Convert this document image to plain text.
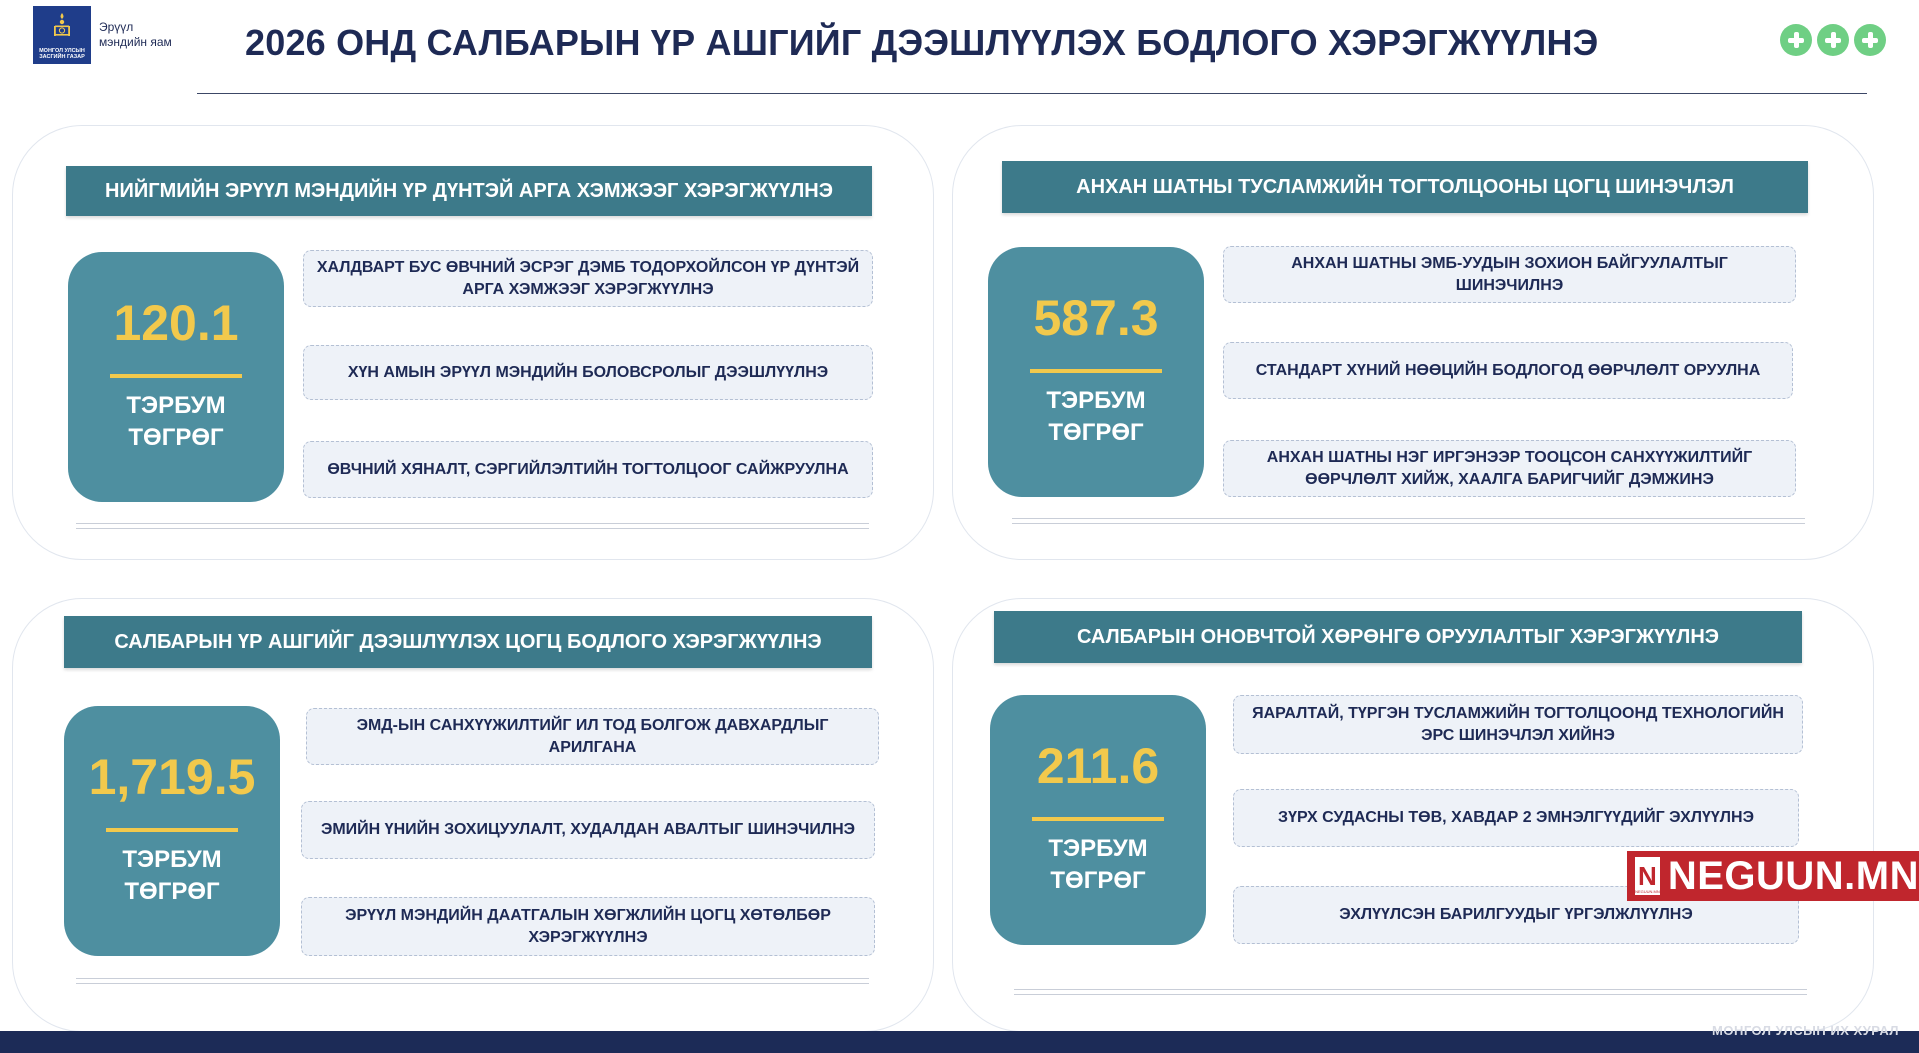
МОНГОЛ УЛСЫН ЗАСГИЙН ГАЗАР
Эрүүл
мэндийн яам 2026 ОНД САЛБАРЫН ҮР АШГИЙГ ДЭЭШЛҮҮЛЭХ БОДЛОГО ХЭРЭГЖҮҮЛНЭ
НИЙГМИЙН ЭРҮҮЛ МЭНДИЙН ҮР ДҮНТЭЙ АРГА ХЭМЖЭЭГ ХЭРЭГЖҮҮЛНЭ
120.1
ТЭРБУМ
ТӨГРӨГ
ХАЛДВАРТ БУС ӨВЧНИЙ ЭСРЭГ ДЭМБ ТОДОРХОЙЛСОН ҮР ДҮНТЭЙ АРГА ХЭМЖЭЭГ ХЭРЭГЖҮҮЛНЭ
ХҮН АМЫН ЭРҮҮЛ МЭНДИЙН БОЛОВСРОЛЫГ ДЭЭШЛҮҮЛНЭ
ӨВЧНИЙ ХЯНАЛТ, СЭРГИЙЛЭЛТИЙН ТОГТОЛЦООГ САЙЖРУУЛНА
АНХАН ШАТНЫ ТУСЛАМЖИЙН ТОГТОЛЦООНЫ ЦОГЦ ШИНЭЧЛЭЛ
587.3
ТЭРБУМ
ТӨГРӨГ
АНХАН ШАТНЫ ЭМБ-УУДЫН ЗОХИОН БАЙГУУЛАЛТЫГ ШИНЭЧИЛНЭ
СТАНДАРТ ХҮНИЙ НӨӨЦИЙН БОДЛОГОД ӨӨРЧЛӨЛТ ОРУУЛНА
АНХАН ШАТНЫ НЭГ ИРГЭНЭЭР ТООЦСОН САНХҮҮЖИЛТИЙГ ӨӨРЧЛӨЛТ ХИЙЖ, ХААЛГА БАРИГЧИЙГ ДЭМЖИНЭ
САЛБАРЫН ҮР АШГИЙГ ДЭЭШЛҮҮЛЭХ ЦОГЦ БОДЛОГО ХЭРЭГЖҮҮЛНЭ
1,719.5
ТЭРБУМ
ТӨГРӨГ
ЭМД-ЫН САНХҮҮЖИЛТИЙГ ИЛ ТОД БОЛГОЖ ДАВХАРДЛЫГ АРИЛГАНА
ЭМИЙН ҮНИЙН ЗОХИЦУУЛАЛТ, ХУДАЛДАН АВАЛТЫГ ШИНЭЧИЛНЭ
ЭРҮҮЛ МЭНДИЙН ДААТГАЛЫН ХӨГЖЛИЙН ЦОГЦ ХӨТӨЛБӨР ХЭРЭГЖҮҮЛНЭ
САЛБАРЫН ОНОВЧТОЙ ХӨРӨНГӨ ОРУУЛАЛТЫГ ХЭРЭГЖҮҮЛНЭ
211.6
ТЭРБУМ
ТӨГРӨГ
ЯАРАЛТАЙ, ТҮРГЭН ТУСЛАМЖИЙН ТОГТОЛЦООНД ТЕХНОЛОГИЙН ЭРС ШИНЭЧЛЭЛ ХИЙНЭ
ЗҮРХ СУДАСНЫ ТӨВ, ХАВДАР 2 ЭМНЭЛГҮҮДИЙГ ЭХЛҮҮЛНЭ
ЭХЛҮҮЛСЭН БАРИЛГУУДЫГ ҮРГЭЛЖЛҮҮЛНЭ
N
NEGUUN.MN NEGUUN.MN
МОНГОЛ УЛСЫН ИХ ХУРАЛ
